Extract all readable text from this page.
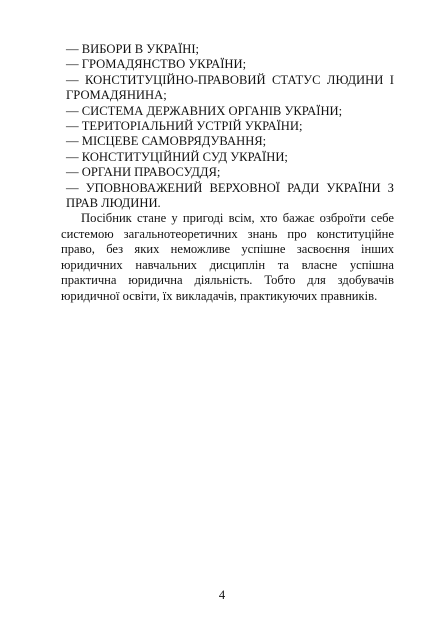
— ВИБОРИ В УКРАЇНІ;

— ГРОМАДЯНСТВО УКРАЇНИ;

— КОНСТИТУЦІЙНО-ПРАВОВИЙ СТАТУС ЛЮДИНИ І ГРОМАДЯНИНА;

— СИСТЕМА ДЕРЖАВНИХ ОРГАНІВ УКРАЇНИ;

— ТЕРИТОРІАЛЬНИЙ УСТРІЙ УКРАЇНИ;

— МІСЦЕВЕ САМОВРЯДУВАННЯ;

— КОНСТИТУЦІЙНИЙ СУД УКРАЇНИ;

— ОРГАНИ ПРАВОСУДДЯ;

— УПОВНОВАЖЕНИЙ ВЕРХОВНОЇ РАДИ УКРАЇНИ З ПРАВ ЛЮДИНИ.

Посібник стане у пригоді всім, хто бажає озброїти себе системою загальнотеоретичних знань про конституційне право, без яких неможливе успішне засвоєння інших юридичних навчальних дисциплін та власне успішна практична юридична діяльність. Тобто для здобувачів юридичної освіти, їх викладачів, практикуючих правників.

4
